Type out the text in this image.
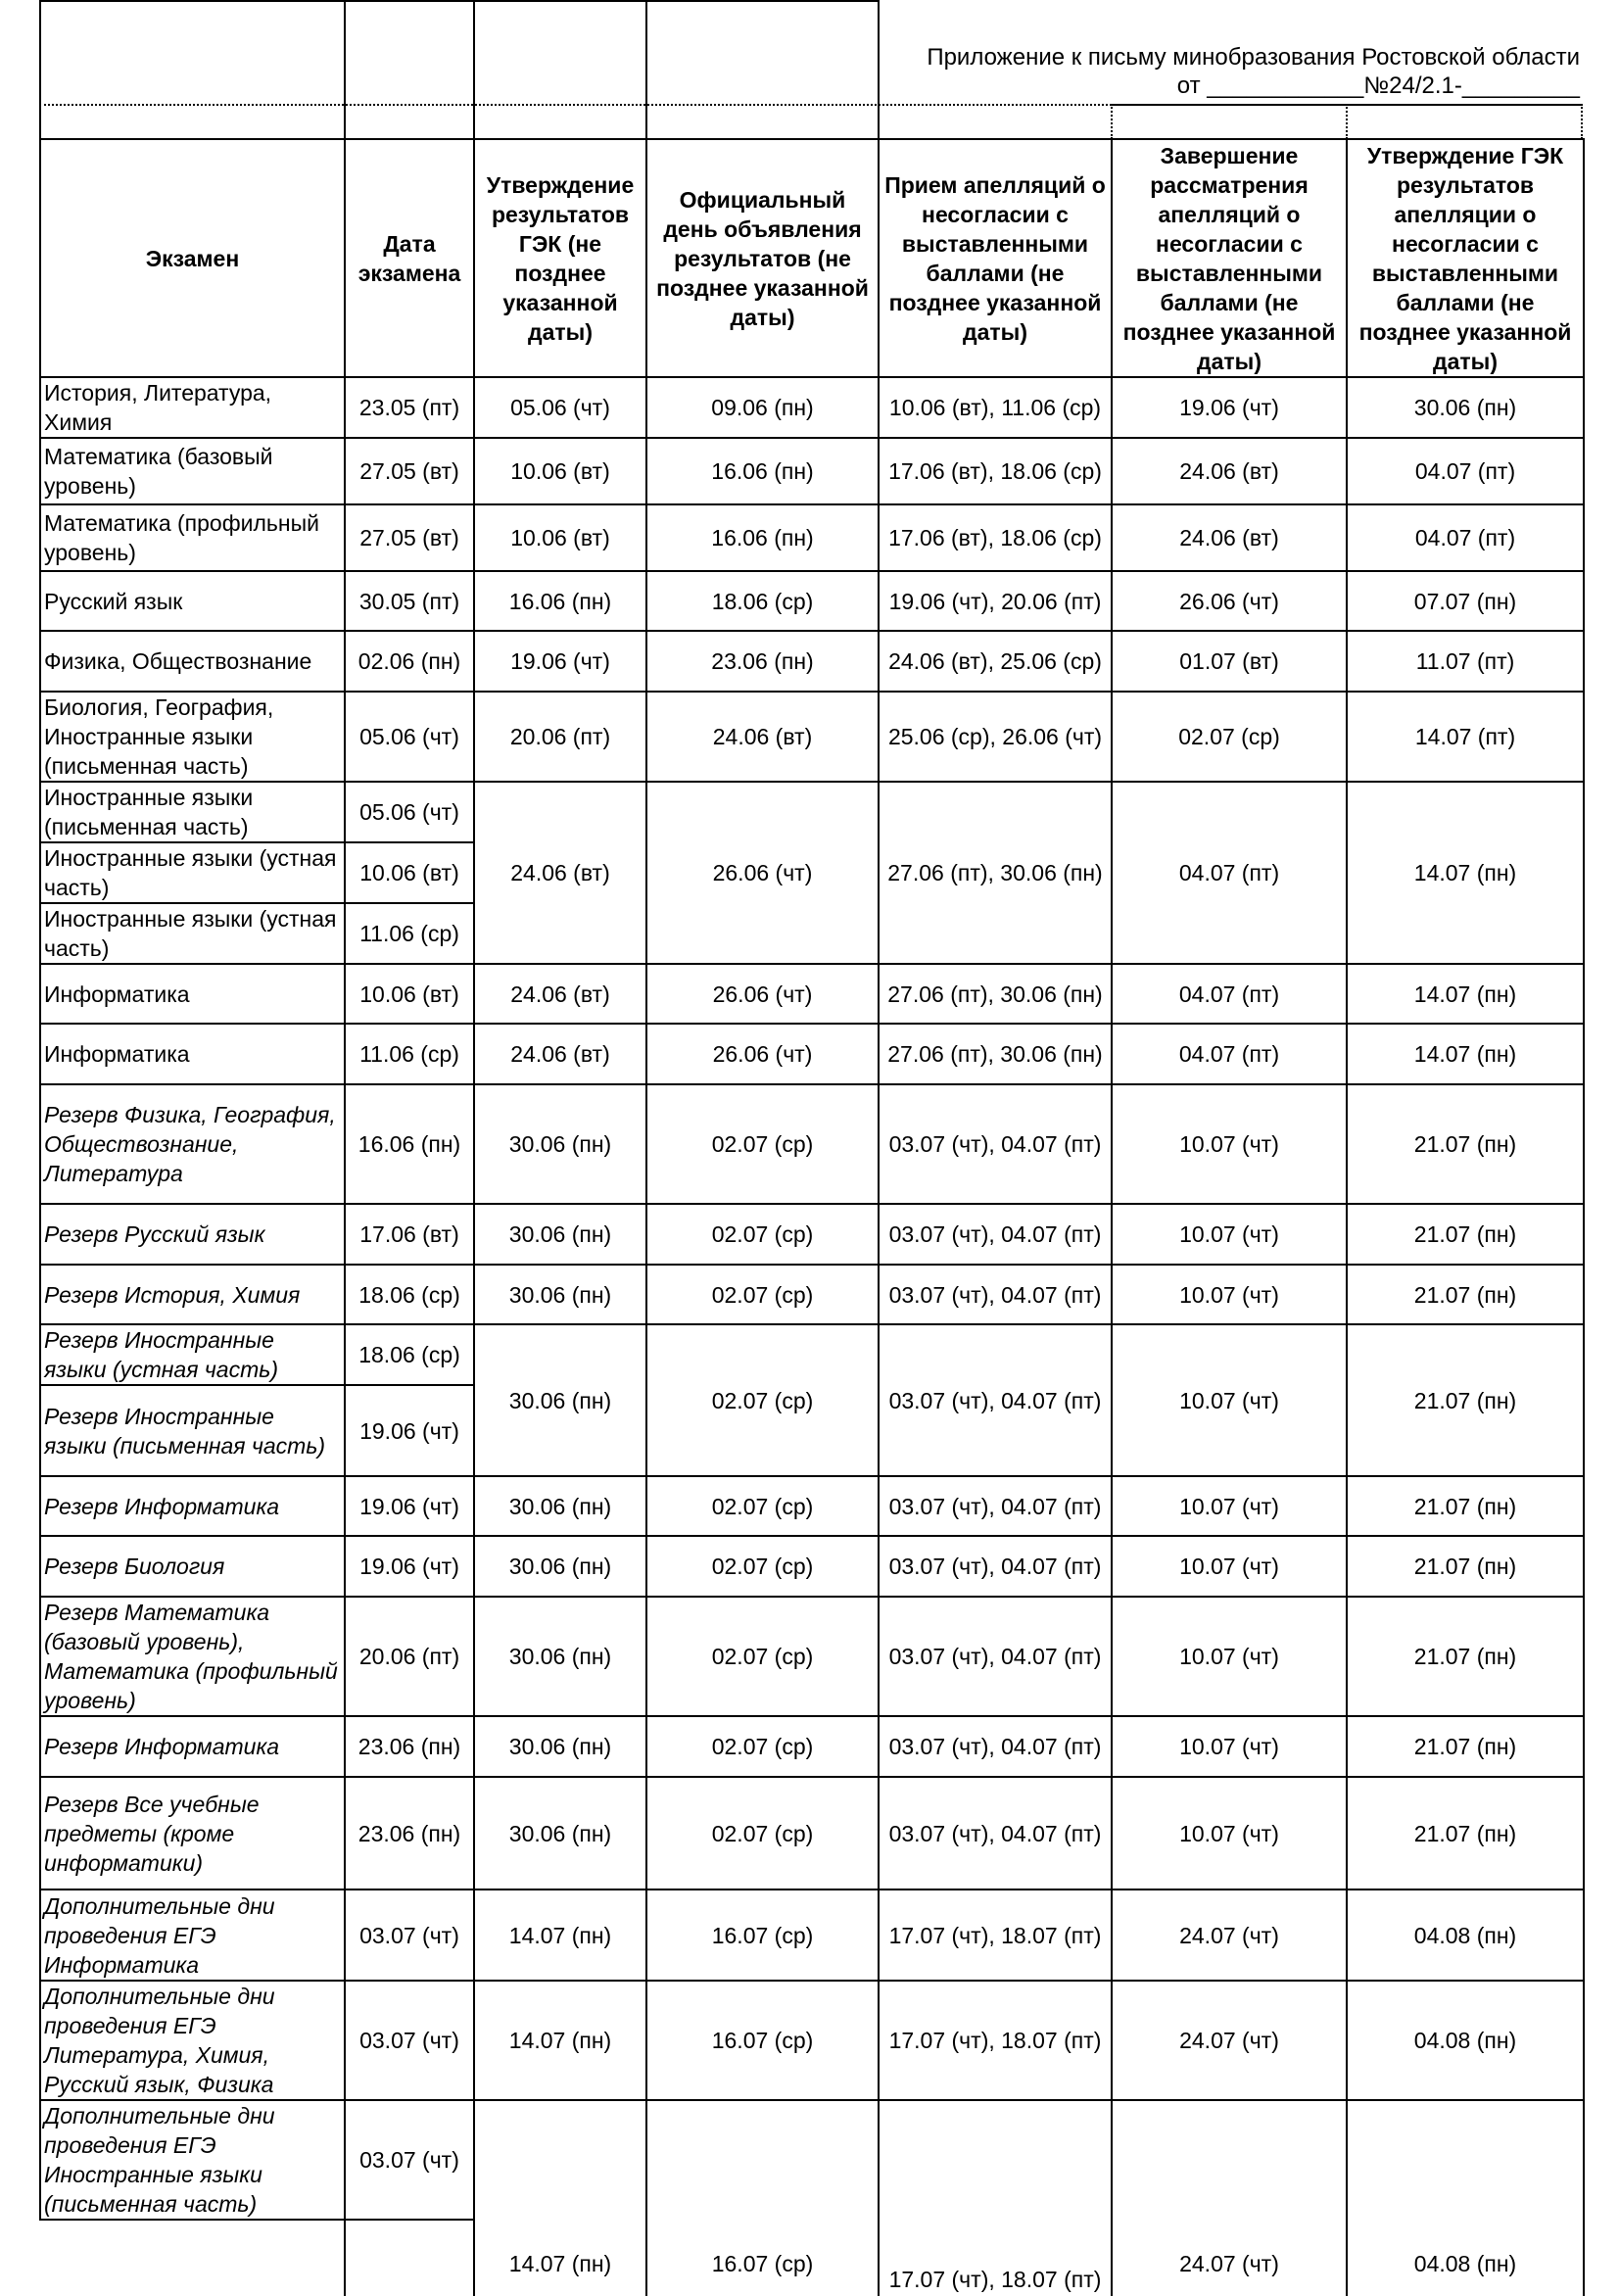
Приложение к письму минобразования Ростовской области
от ____________№24/2.1-_________
Экзамен	Дата экзамена	Утверждение результатов ГЭК (не позднее указанной даты)	Официальный день объявления результатов (не позднее указанной даты)	Прием апелляций о несогласии с выставленными баллами (не позднее указанной даты)	Завершение рассматрения апелляций о несогласии с выставленными баллами (не позднее указанной даты)	Утверждение ГЭК результатов апелляции о несогласии с выставленными баллами (не позднее указанной даты)
История, Литература, Химия	23.05 (пт)	05.06 (чт)	09.06 (пн)	10.06 (вт), 11.06 (ср)	19.06 (чт)	30.06 (пн)
Математика (базовый уровень)	27.05 (вт)	10.06 (вт)	16.06 (пн)	17.06 (вт), 18.06 (ср)	24.06 (вт)	04.07 (пт)
Математика (профильный уровень)	27.05 (вт)	10.06 (вт)	16.06 (пн)	17.06 (вт), 18.06 (ср)	24.06 (вт)	04.07 (пт)
Русский язык	30.05 (пт)	16.06 (пн)	18.06 (ср)	19.06 (чт), 20.06 (пт)	26.06 (чт)	07.07 (пн)
Физика, Обществознание	02.06 (пн)	19.06 (чт)	23.06 (пн)	24.06 (вт), 25.06 (ср)	01.07 (вт)	11.07 (пт)
Биология, География, Иностранные языки (письменная часть)	05.06 (чт)	20.06 (пт)	24.06 (вт)	25.06 (ср), 26.06 (чт)	02.07 (ср)	14.07 (пт)
Иностранные языки (письменная часть)	05.06 (чт)	24.06 (вт)	26.06 (чт)	27.06 (пт), 30.06 (пн)	04.07 (пт)	14.07 (пн)
Иностранные языки (устная часть)	10.06 (вт)					
Иностранные языки (устная часть)	11.06 (ср)					
Информатика	10.06 (вт)	24.06 (вт)	26.06 (чт)	27.06 (пт), 30.06 (пн)	04.07 (пт)	14.07 (пн)
Информатика	11.06 (ср)	24.06 (вт)	26.06 (чт)	27.06 (пт), 30.06 (пн)	04.07 (пт)	14.07 (пн)
Резерв Физика, География, Обществознание, Литература	16.06 (пн)	30.06 (пн)	02.07 (ср)	03.07 (чт), 04.07 (пт)	10.07 (чт)	21.07 (пн)
Резерв Русский язык	17.06 (вт)	30.06 (пн)	02.07 (ср)	03.07 (чт), 04.07 (пт)	10.07 (чт)	21.07 (пн)
Резерв История, Химия	18.06 (ср)	30.06 (пн)	02.07 (ср)	03.07 (чт), 04.07 (пт)	10.07 (чт)	21.07 (пн)
Резерв Иностранные языки (устная часть)	18.06 (ср)	30.06 (пн)	02.07 (ср)	03.07 (чт), 04.07 (пт)	10.07 (чт)	21.07 (пн)
Резерв Иностранные языки (письменная часть)	19.06 (чт)					
Резерв Информатика	19.06 (чт)	30.06 (пн)	02.07 (ср)	03.07 (чт), 04.07 (пт)	10.07 (чт)	21.07 (пн)
Резерв Биология	19.06 (чт)	30.06 (пн)	02.07 (ср)	03.07 (чт), 04.07 (пт)	10.07 (чт)	21.07 (пн)
Резерв Математика (базовый уровень), Математика (профильный уровень)	20.06 (пт)	30.06 (пн)	02.07 (ср)	03.07 (чт), 04.07 (пт)	10.07 (чт)	21.07 (пн)
Резерв Информатика	23.06 (пн)	30.06 (пн)	02.07 (ср)	03.07 (чт), 04.07 (пт)	10.07 (чт)	21.07 (пн)
Резерв Все учебные предметы (кроме информатики)	23.06 (пн)	30.06 (пн)	02.07 (ср)	03.07 (чт), 04.07 (пт)	10.07 (чт)	21.07 (пн)
Дополнительные дни проведения ЕГЭ Информатика	03.07 (чт)	14.07 (пн)	16.07 (ср)	17.07 (чт), 18.07 (пт)	24.07 (чт)	04.08 (пн)
Дополнительные дни проведения ЕГЭ Литература, Химия, Русский язык, Физика	03.07 (чт)	14.07 (пн)	16.07 (ср)	17.07 (чт), 18.07 (пт)	24.07 (чт)	04.08 (пн)
Дополнительные дни проведения ЕГЭ Иностранные языки (письменная часть)	03.07 (чт)	14.07 (пн)	16.07 (ср)	17.07 (чт), 18.07 (пт)	24.07 (чт)	04.08 (пн)
